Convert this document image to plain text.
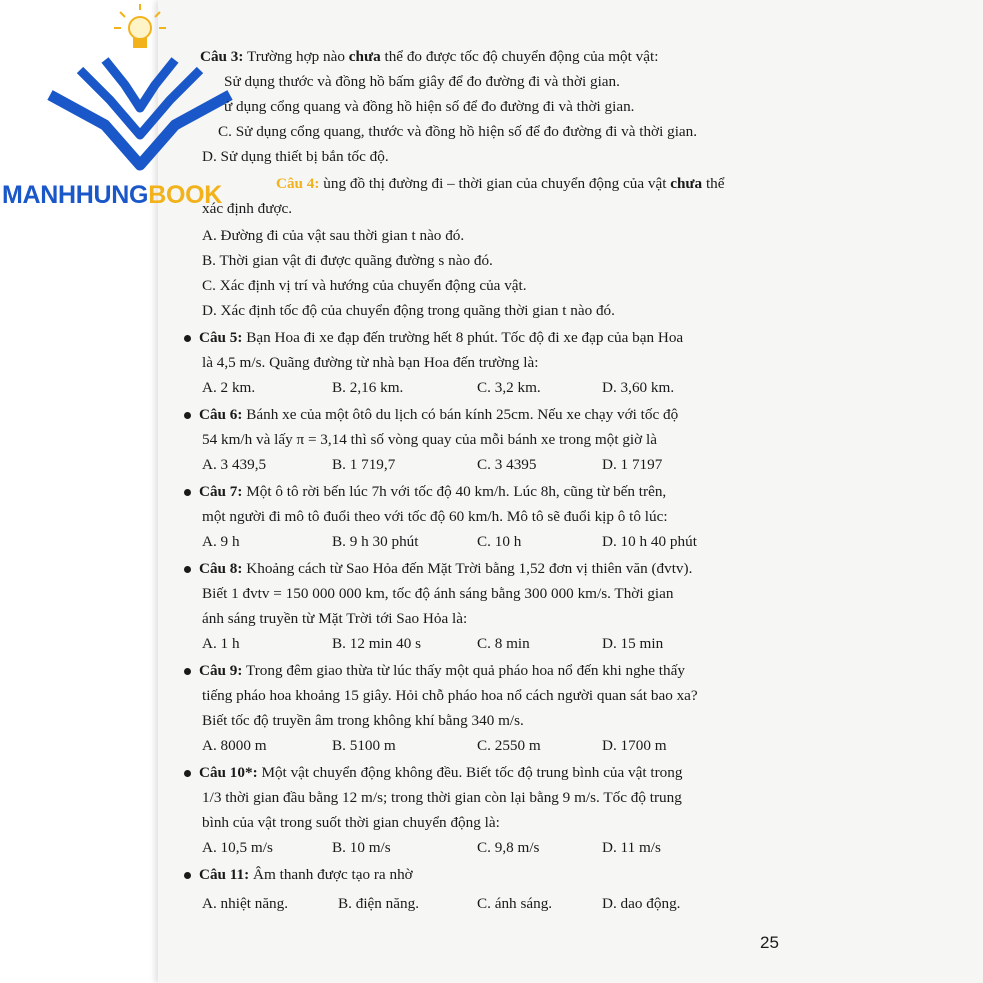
MANHHUNGBOOK
Câu 3: Trường hợp nào chưa thể đo được tốc độ chuyển động của một vật:
Sử dụng thước và đồng hồ bấm giây để đo đường đi và thời gian.
ử dụng cổng quang và đồng hồ hiện số để đo đường đi và thời gian.
C. Sử dụng cổng quang, thước và đồng hồ hiện số để đo đường đi và thời gian.
D. Sử dụng thiết bị bắn tốc độ.
Câu 4: ùng đồ thị đường đi – thời gian của chuyển động của vật chưa thể
xác định được.
A. Đường đi của vật sau thời gian t nào đó.
B. Thời gian vật đi được quãng đường s nào đó.
C. Xác định vị trí và hướng của chuyển động của vật.
D. Xác định tốc độ của chuyển động trong quãng thời gian t nào đó.
Câu 5: Bạn Hoa đi xe đạp đến trường hết 8 phút. Tốc độ đi xe đạp của bạn Hoa
là 4,5 m/s. Quãng đường từ nhà bạn Hoa đến trường là:
A. 2 km.	B. 2,16 km.	C. 3,2 km.	D. 3,60 km.
Câu 6: Bánh xe của một ôtô du lịch có bán kính 25cm. Nếu xe chạy với tốc độ
54 km/h và lấy π = 3,14 thì số vòng quay của mỗi bánh xe trong một giờ là
A. 3 439,5	B. 1 719,7	C. 3 4395	D. 1 7197
Câu 7: Một ô tô rời bến lúc 7h với tốc độ 40 km/h. Lúc 8h, cũng từ bến trên,
một người đi mô tô đuổi theo với tốc độ 60 km/h. Mô tô sẽ đuổi kịp ô tô lúc:
A. 9 h	B. 9 h 30 phút	C. 10 h	D. 10 h 40 phút
Câu 8: Khoảng cách từ Sao Hỏa đến Mặt Trời bằng 1,52 đơn vị thiên văn (đvtv).
Biết 1 đvtv = 150 000 000 km, tốc độ ánh sáng bằng 300 000 km/s. Thời gian
ánh sáng truyền từ Mặt Trời tới Sao Hỏa là:
A. 1 h	B. 12 min 40 s	C. 8 min	D. 15 min
Câu 9: Trong đêm giao thừa từ lúc thấy một quả pháo hoa nổ đến khi nghe thấy
tiếng pháo hoa khoảng 15 giây. Hỏi chỗ pháo hoa nổ cách người quan sát bao xa?
Biết tốc độ truyền âm trong không khí bằng 340 m/s.
A. 8000 m	B. 5100 m	C. 2550 m	D. 1700 m
Câu 10*: Một vật chuyển động không đều. Biết tốc độ trung bình của vật trong
1/3 thời gian đầu bằng 12 m/s; trong thời gian còn lại bằng 9 m/s. Tốc độ trung
bình của vật trong suốt thời gian chuyển động là:
A. 10,5 m/s	B. 10 m/s	C. 9,8 m/s	D. 11 m/s
Câu 11: Âm thanh được tạo ra nhờ
A. nhiệt năng.	B. điện năng.	C. ánh sáng.	D. dao động.
25
